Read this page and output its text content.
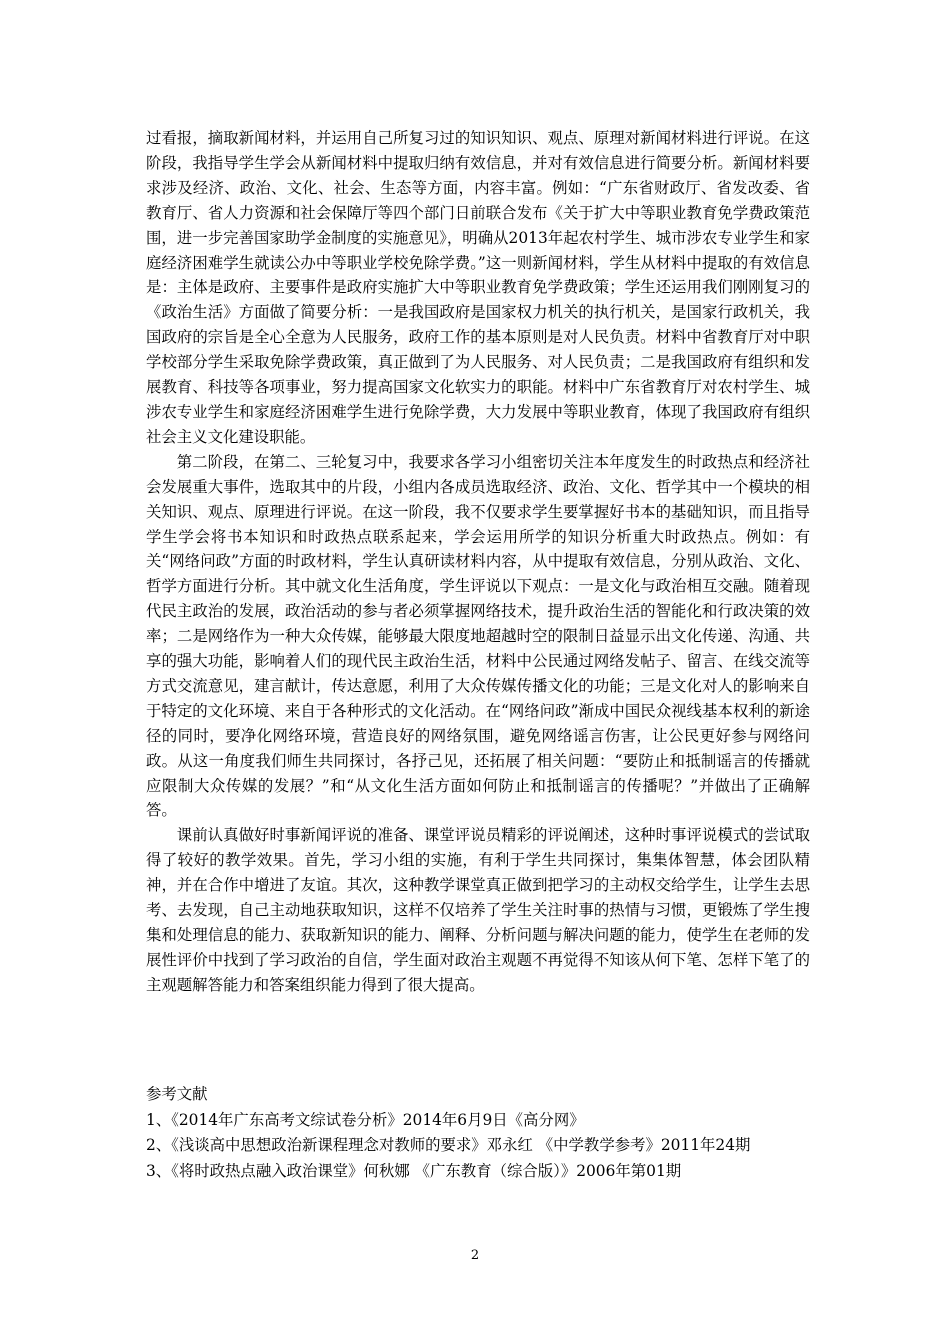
过看报，摘取新闻材料，并运用自己所复习过的知识知识、观点、原理对新闻材料进行评说。在这阶段，我指导学生学会从新闻材料中提取归纳有效信息，并对有效信息进行简要分析。新闻材料要求涉及经济、政治、文化、社会、生态等方面，内容丰富。例如：“广东省财政厅、省发改委、省教育厅、省人力资源和社会保障厅等四个部门日前联合发布《关于扩大中等职业教育免学费政策范围，进一步完善国家助学金制度的实施意见》，明确从2013年起农村学生、城市涉农专业学生和家庭经济困难学生就读公办中等职业学校免除学费。”这一则新闻材料，学生从材料中提取的有效信息是：主体是政府、主要事件是政府实施扩大中等职业教育免学费政策；学生还运用我们刚刚复习的《政治生活》方面做了简要分析：一是我国政府是国家权力机关的执行机关，是国家行政机关，我国政府的宗旨是全心全意为人民服务，政府工作的基本原则是对人民负责。材料中省教育厅对中职学校部分学生采取免除学费政策，真正做到了为人民服务、对人民负责；二是我国政府有组织和发展教育、科技等各项事业，努力提高国家文化软实力的职能。材料中广东省教育厅对农村学生、城涉农专业学生和家庭经济困难学生进行免除学费，大力发展中等职业教育，体现了我国政府有组织社会主义文化建设职能。

第二阶段，在第二、三轮复习中，我要求各学习小组密切关注本年度发生的时政热点和经济社会发展重大事件，选取其中的片段，小组内各成员选取经济、政治、文化、哲学其中一个模块的相关知识、观点、原理进行评说。在这一阶段，我不仅要求学生要掌握好书本的基础知识，而且指导学生学会将书本知识和时政热点联系起来，学会运用所学的知识分析重大时政热点。例如：有关“网络问政”方面的时政材料，学生认真研读材料内容，从中提取有效信息，分别从政治、文化、哲学方面进行分析。其中就文化生活角度，学生评说以下观点：一是文化与政治相互交融。随着现代民主政治的发展，政治活动的参与者必须掌握网络技术，提升政治生活的智能化和行政决策的效率；二是网络作为一种大众传媒，能够最大限度地超越时空的限制日益显示出文化传递、沟通、共享的强大功能，影响着人们的现代民主政治生活，材料中公民通过网络发帖子、留言、在线交流等方式交流意见，建言献计，传达意愿，利用了大众传媒传播文化的功能；三是文化对人的影响来自于特定的文化环境、来自于各种形式的文化活动。在“网络问政”渐成中国民众视线基本权利的新途径的同时，要净化网络环境，营造良好的网络氛围，避免网络谣言伤害，让公民更好参与网络问政。从这一角度我们师生共同探讨，各抒己见，还拓展了相关问题：“要防止和抵制谣言的传播就应限制大众传媒的发展？”和“从文化生活方面如何防止和抵制谣言的传播呢？”并做出了正确解答。

课前认真做好时事新闻评说的准备、课堂评说员精彩的评说阐述，这种时事评说模式的尝试取得了较好的教学效果。首先，学习小组的实施，有利于学生共同探讨，集集体智慧，体会团队精神，并在合作中增进了友谊。其次，这种教学课堂真正做到把学习的主动权交给学生，让学生去思考、去发现，自己主动地获取知识，这样不仅培养了学生关注时事的热情与习惯，更锻炼了学生搜集和处理信息的能力、获取新知识的能力、阐释、分析问题与解决问题的能力，使学生在老师的发展性评价中找到了学习政治的自信，学生面对政治主观题不再觉得不知该从何下笔、怎样下笔了的主观题解答能力和答案组织能力得到了很大提高。

参考文献

1、《2014年广东高考文综试卷分析》2014年6月9日《高分网》

2、《浅谈高中思想政治新课程理念对教师的要求》邓永红 《中学教学参考》2011年24期

3、《将时政热点融入政治课堂》何秋娜 《广东教育（综合版）》2006年第01期

2
